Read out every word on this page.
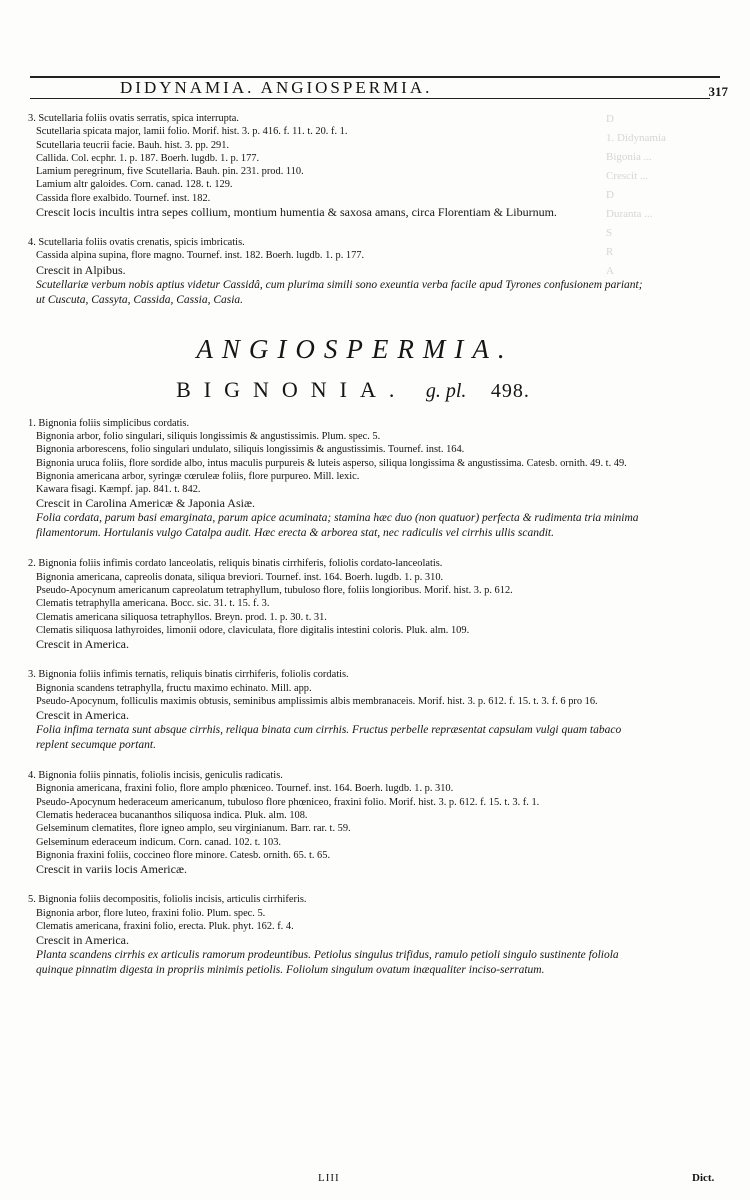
D
1. Didynamia
Bigonia ...
Crescit ...
D
Duranta ...
S
R
A
DIDYNAMIA. ANGIOSPERMIA.	317
3. Scutellaria foliis ovatis serratis, spica interrupta.
Scutellaria spicata major, lamii folio. Morif. hist. 3. p. 416. f. 11. t. 20. f. 1.
Scutellaria teucrii facie. Bauh. hist. 3. pp. 291.
Callida. Col. ecphr. 1. p. 187. Boerh. lugdb. 1. p. 177.
Lamium peregrinum, five Scutellaria. Bauh. pin. 231. prod. 110.
Lamium altr galoides. Corn. canad. 128. t. 129.
Cassida flore exalbido. Tournef. inst. 182.
Crescit locis incultis intra sepes collium, montium humentia & saxosa amans, circa Florentiam & Liburnum.
4. Scutellaria foliis ovatis crenatis, spicis imbricatis.
Cassida alpina supina, flore magno. Tournef. inst. 182. Boerh. lugdb. 1. p. 177.
Crescit in Alpibus.
Scutellariæ verbum nobis aptius videtur Cassidâ, cum plurima simili sono exeuntia verba facile apud Tyrones confusionem pariant; ut Cuscuta, Cassyta, Cassida, Cassia, Casia.
ANGIOSPERMIA.
BIGNONIA. g. pl. 498.
1. Bignonia foliis simplicibus cordatis.
Bignonia arbor, folio singulari, siliquis longissimis & angustissimis. Plum. spec. 5.
Bignonia arborescens, folio singulari undulato, siliquis longissimis & angustissimis. Tournef. inst. 164.
Bignonia uruca foliis, flore sordide albo, intus maculis purpureis & luteis asperso, siliqua longissima & angustissima. Catesb. ornith. 49. t. 49.
Bignonia americana arbor, syringæ cœruleæ foliis, flore purpureo. Mill. lexic.
Kawara fisagi. Kæmpf. jap. 841. t. 842.
Crescit in Carolina Americæ & Japonia Asiæ.
Folia cordata, parum basi emarginata, parum apice acuminata; stamina hæc duo (non quatuor) perfecta & rudimenta tria minima filamentorum. Hortulanis vulgo Catalpa audit. Hæc erecta & arborea stat, nec radiculis vel cirrhis ullis scandit.
2. Bignonia foliis infimis cordato lanceolatis, reliquis binatis cirrhiferis, foliolis cordato-lanceolatis.
Bignonia americana, capreolis donata, siliqua breviori. Tournef. inst. 164. Boerh. lugdb. 1. p. 310.
Pseudo-Apocynum americanum capreolatum tetraphyllum, tubuloso flore, foliis longioribus. Morif. hist. 3. p. 612.
Clematis tetraphylla americana. Bocc. sic. 31. t. 15. f. 3.
Clematis americana siliquosa tetraphyllos. Breyn. prod. 1. p. 30. t. 31.
Clematis siliquosa lathyroides, limonii odore, claviculata, flore digitalis intestini coloris. Pluk. alm. 109.
Crescit in America.
3. Bignonia foliis infimis ternatis, reliquis binatis cirrhiferis, foliolis cordatis.
Bignonia scandens tetraphylla, fructu maximo echinato. Mill. app.
Pseudo-Apocynum, folliculis maximis obtusis, seminibus amplissimis albis membranaceis. Morif. hist. 3. p. 612. f. 15. t. 3. f. 6 pro 16.
Crescit in America.
Folia infima ternata sunt absque cirrhis, reliqua binata cum cirrhis. Fructus perbelle repræsentat capsulam vulgi quam tabaco replent secumque portant.
4. Bignonia foliis pinnatis, foliolis incisis, geniculis radicatis.
Bignonia americana, fraxini folio, flore amplo phœniceo. Tournef. inst. 164. Boerh. lugdb. 1. p. 310.
Pseudo-Apocynum hederaceum americanum, tubuloso flore phœniceo, fraxini folio. Morif. hist. 3. p. 612. f. 15. t. 3. f. 1.
Clematis hederacea bucananthos siliquosa indica. Pluk. alm. 108.
Gelseminum clematites, flore igneo amplo, seu virginianum. Barr. rar. t. 59.
Gelseminum ederaceum indicum. Corn. canad. 102. t. 103.
Bignonia fraxini foliis, coccineo flore minore. Catesb. ornith. 65. t. 65.
Crescit in variis locis Americæ.
5. Bignonia foliis decompositis, foliolis incisis, articulis cirrhiferis.
Bignonia arbor, flore luteo, fraxini folio. Plum. spec. 5.
Clematis americana, fraxini folio, erecta. Pluk. phyt. 162. f. 4.
Crescit in America.
Planta scandens cirrhis ex articulis ramorum prodeuntibus. Petiolus singulus trifidus, ramulo petioli singulo sustinente foliola quinque pinnatim digesta in propriis minimis petiolis. Foliolum singulum ovatum inæqualiter inciso-serratum.
LIII	Dict.
